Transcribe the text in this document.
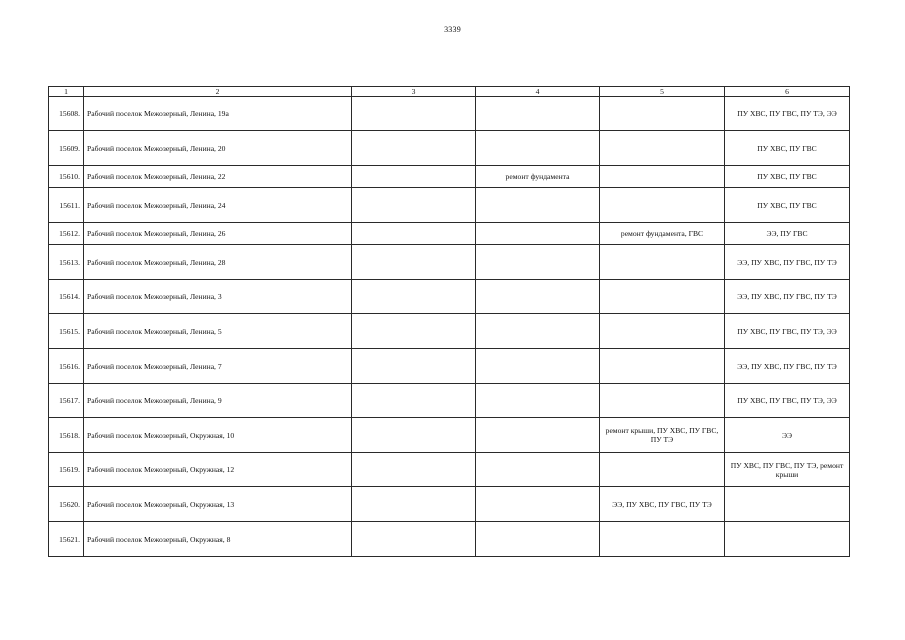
3339
1	2	3	4	5	6
15608.	Рабочий поселок Межозерный, Ленина, 19а				ПУ ХВС, ПУ ГВС, ПУ ТЭ, ЭЭ
15609.	Рабочий поселок Межозерный, Ленина, 20				ПУ ХВС, ПУ ГВС
15610.	Рабочий поселок Межозерный, Ленина, 22		ремонт фундамента		ПУ ХВС, ПУ ГВС
15611.	Рабочий поселок Межозерный, Ленина, 24				ПУ ХВС, ПУ ГВС
15612.	Рабочий поселок Межозерный, Ленина, 26			ремонт фундамента, ГВС	ЭЭ, ПУ ГВС
15613.	Рабочий поселок Межозерный, Ленина, 28				ЭЭ, ПУ ХВС, ПУ ГВС, ПУ ТЭ
15614.	Рабочий поселок Межозерный, Ленина, 3				ЭЭ, ПУ ХВС, ПУ ГВС, ПУ ТЭ
15615.	Рабочий поселок Межозерный, Ленина, 5				ПУ ХВС, ПУ ГВС, ПУ ТЭ, ЭЭ
15616.	Рабочий поселок Межозерный, Ленина, 7				ЭЭ, ПУ ХВС, ПУ ГВС, ПУ ТЭ
15617.	Рабочий поселок Межозерный, Ленина, 9				ПУ ХВС, ПУ ГВС, ПУ ТЭ, ЭЭ
15618.	Рабочий поселок Межозерный, Окружная, 10			ремонт крыши, ПУ ХВС, ПУ ГВС, ПУ ТЭ	ЭЭ
15619.	Рабочий поселок Межозерный, Окружная, 12				ПУ ХВС, ПУ ГВС, ПУ ТЭ, ремонт крыши
15620.	Рабочий поселок Межозерный, Окружная, 13			ЭЭ, ПУ ХВС, ПУ ГВС, ПУ ТЭ	
15621.	Рабочий поселок Межозерный, Окружная, 8				
